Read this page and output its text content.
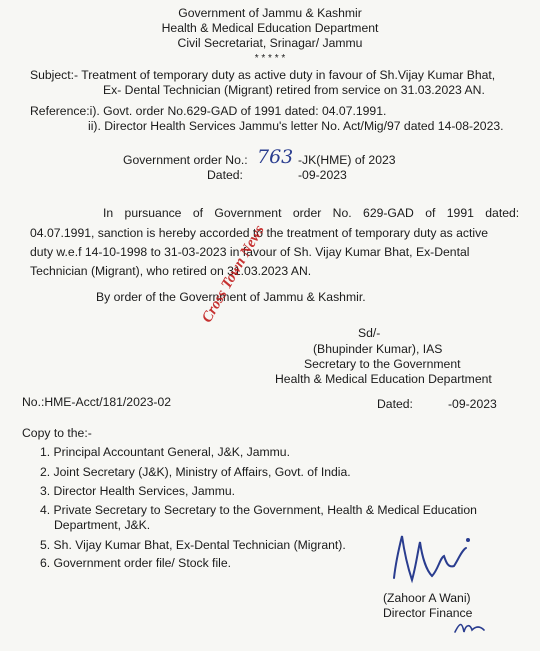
Government of Jammu & Kashmir
Health & Medical Education Department
Civil Secretariat, Srinagar/ Jammu
* * * * *
Subject:- Treatment of temporary duty as active duty in favour of Sh.Vijay Kumar Bhat,
Ex- Dental Technician (Migrant) retired from service on 31.03.2023 AN.
Reference:i). Govt. order No.629-GAD of 1991 dated: 04.07.1991.
ii). Director Health Services Jammu's letter No. Act/Mig/97 dated 14-08-2023.
Government order No.: 763 -JK(HME) of 2023
Dated:	-09-2023
In pursuance of Government order No. 629-GAD of 1991 dated:
04.07.1991, sanction is hereby accorded to the treatment of temporary duty as active
duty w.e.f 14-10-1998 to 31-03-2023 in favour of Sh. Vijay Kumar Bhat, Ex-Dental
Technician (Migrant), who retired on 31.03.2023 AN.
By order of the Government of Jammu & Kashmir.
Cross Town News
Sd/-
(Bhupinder Kumar), IAS
Secretary to the Government
Health & Medical Education Department
No.:HME-Acct/181/2023-02	Dated:	-09-2023
Copy to the:-
1. Principal Accountant General, J&K, Jammu.
2. Joint Secretary (J&K), Ministry of Affairs, Govt. of India.
3. Director Health Services, Jammu.
4. Private Secretary to Secretary to the Government, Health & Medical Education
Department, J&K.
5. Sh. Vijay Kumar Bhat, Ex-Dental Technician (Migrant).
6. Government order file/ Stock file.
(Zahoor A Wani)
Director Finance
